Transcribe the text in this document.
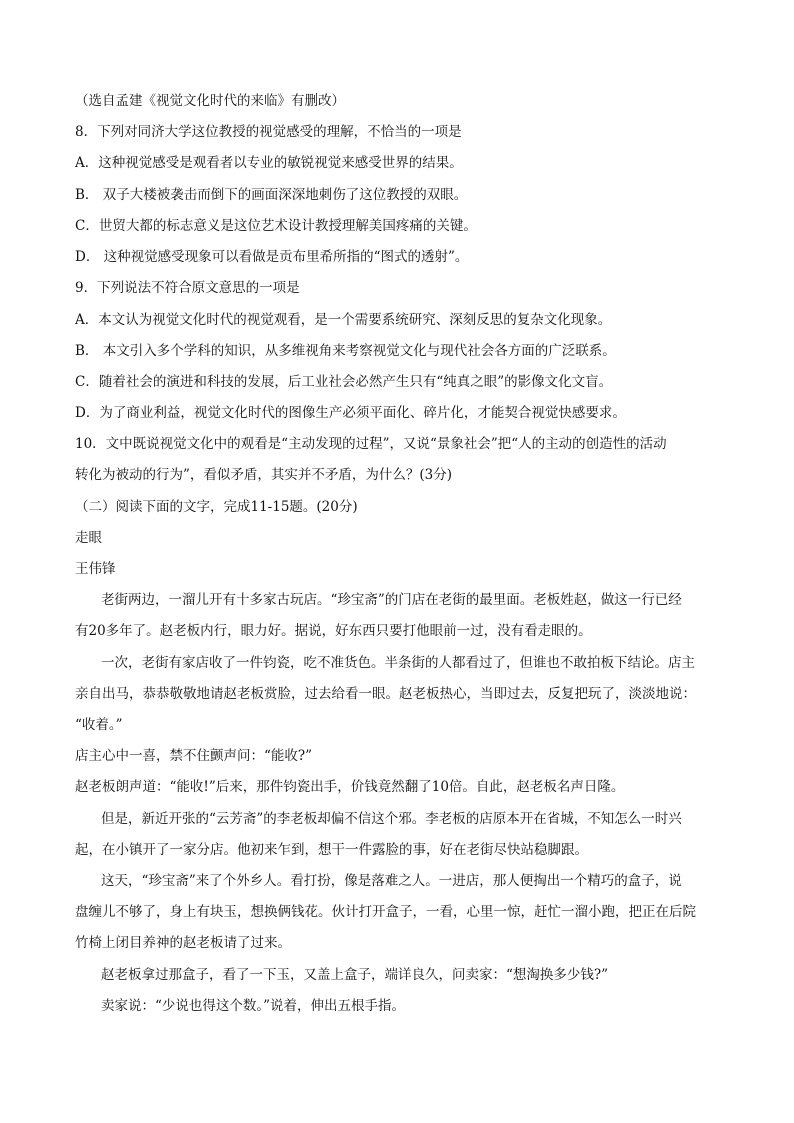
（选自孟建《视觉文化时代的来临》有删改）
8．下列对同济大学这位教授的视觉感受的理解，不恰当的一项是
A．这种视觉感受是观看者以专业的敏锐视觉来感受世界的结果。
B． 双子大楼被袭击而倒下的画面深深地刺伤了这位教授的双眼。
C．世贸大都的标志意义是这位艺术设计教授理解美国疼痛的关键。
D． 这种视觉感受现象可以看做是贡布里希所指的“图式的透射”。
9．下列说法不符合原文意思的一项是
A．本文认为视觉文化时代的视觉观看，是一个需要系统研究、深刻反思的复杂文化现象。
B． 本文引入多个学科的知识，从多维视角来考察视觉文化与现代社会各方面的广泛联系。
C．随着社会的演进和科技的发展，后工业社会必然产生只有“纯真之眼”的影像文化文盲。
D．为了商业利益，视觉文化时代的图像生产必须平面化、碎片化，才能契合视觉快感要求。
10．文中既说视觉文化中的观看是“主动发现的过程”，又说“景象社会”把“人的主动的创造性的活动
转化为被动的行为”，看似矛盾，其实并不矛盾，为什么？(3分)
（二）阅读下面的文字，完成11-15题。(20分)
走眼
王伟锋
老街两边，一溜儿开有十多家古玩店。“珍宝斋”的门店在老街的最里面。老板姓赵，做这一行已经
有20多年了。赵老板内行，眼力好。据说，好东西只要打他眼前一过，没有看走眼的。
一次，老街有家店收了一件钧瓷，吃不准货色。半条街的人都看过了，但谁也不敢拍板下结论。店主
亲自出马，恭恭敬敬地请赵老板赏脸，过去给看一眼。赵老板热心，当即过去，反复把玩了，淡淡地说：
“收着。”
店主心中一喜，禁不住颤声问：“能收?”
赵老板朗声道：“能收!”后来，那件钧瓷出手，价钱竟然翻了10倍。自此，赵老板名声日隆。
但是，新近开张的“云芳斋”的李老板却偏不信这个邪。李老板的店原本开在省城，不知怎么一时兴
起，在小镇开了一家分店。他初来乍到，想干一件露脸的事，好在老街尽快站稳脚跟。
这天，“珍宝斋”来了个外乡人。看打扮，像是落难之人。一进店，那人便掏出一个精巧的盒子，说
盘缠儿不够了，身上有块玉，想换俩钱花。伙计打开盒子，一看，心里一惊，赶忙一溜小跑，把正在后院
竹椅上闭目养神的赵老板请了过来。
赵老板拿过那盒子，看了一下玉，又盖上盒子，端详良久，问卖家：“想淘换多少钱?”
卖家说：“少说也得这个数。”说着，伸出五根手指。
